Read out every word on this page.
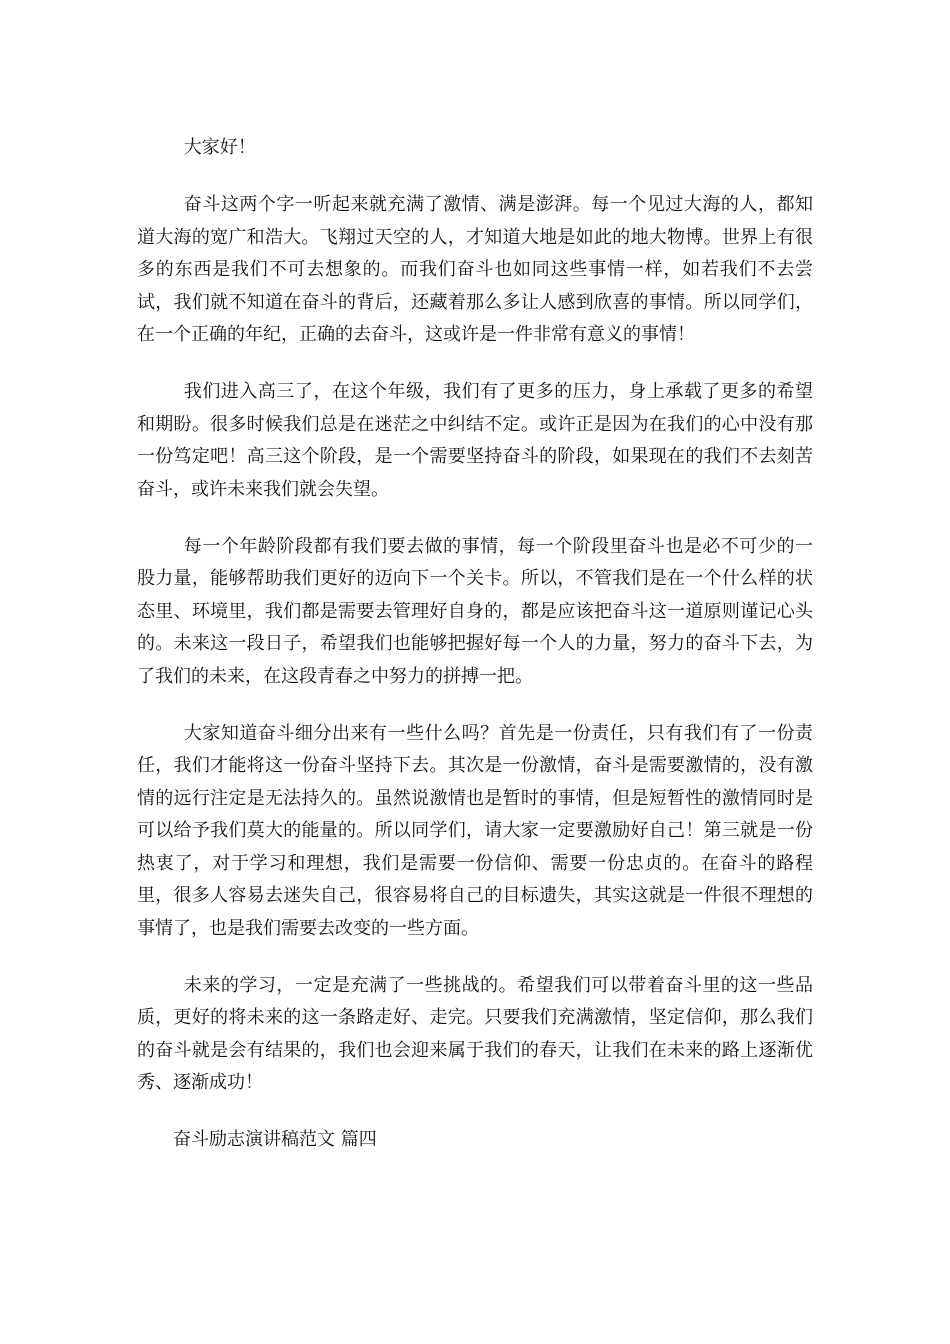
大家好！

奋斗这两个字一听起来就充满了激情、满是澎湃。每一个见过大海的人，都知道大海的宽广和浩大。飞翔过天空的人，才知道大地是如此的地大物博。世界上有很多的东西是我们不可去想象的。而我们奋斗也如同这些事情一样，如若我们不去尝试，我们就不知道在奋斗的背后，还藏着那么多让人感到欣喜的事情。所以同学们，在一个正确的年纪，正确的去奋斗，这或许是一件非常有意义的事情！

我们进入高三了，在这个年级，我们有了更多的压力，身上承载了更多的希望和期盼。很多时候我们总是在迷茫之中纠结不定。或许正是因为在我们的心中没有那一份笃定吧！高三这个阶段，是一个需要坚持奋斗的阶段，如果现在的我们不去刻苦奋斗，或许未来我们就会失望。

每一个年龄阶段都有我们要去做的事情，每一个阶段里奋斗也是必不可少的一股力量，能够帮助我们更好的迈向下一个关卡。所以，不管我们是在一个什么样的状态里、环境里，我们都是需要去管理好自身的，都是应该把奋斗这一道原则谨记心头的。未来这一段日子，希望我们也能够把握好每一个人的力量，努力的奋斗下去，为了我们的未来，在这段青春之中努力的拼搏一把。

大家知道奋斗细分出来有一些什么吗？首先是一份责任，只有我们有了一份责任，我们才能将这一份奋斗坚持下去。其次是一份激情，奋斗是需要激情的，没有激情的远行注定是无法持久的。虽然说激情也是暂时的事情，但是短暂性的激情同时是可以给予我们莫大的能量的。所以同学们，请大家一定要激励好自己！第三就是一份热衷了，对于学习和理想，我们是需要一份信仰、需要一份忠贞的。在奋斗的路程里，很多人容易去迷失自己，很容易将自己的目标遗失，其实这就是一件很不理想的事情了，也是我们需要去改变的一些方面。

未来的学习，一定是充满了一些挑战的。希望我们可以带着奋斗里的这一些品质，更好的将未来的这一条路走好、走完。只要我们充满激情，坚定信仰，那么我们的奋斗就是会有结果的，我们也会迎来属于我们的春天，让我们在未来的路上逐渐优秀、逐渐成功！

奋斗励志演讲稿范文 篇四
